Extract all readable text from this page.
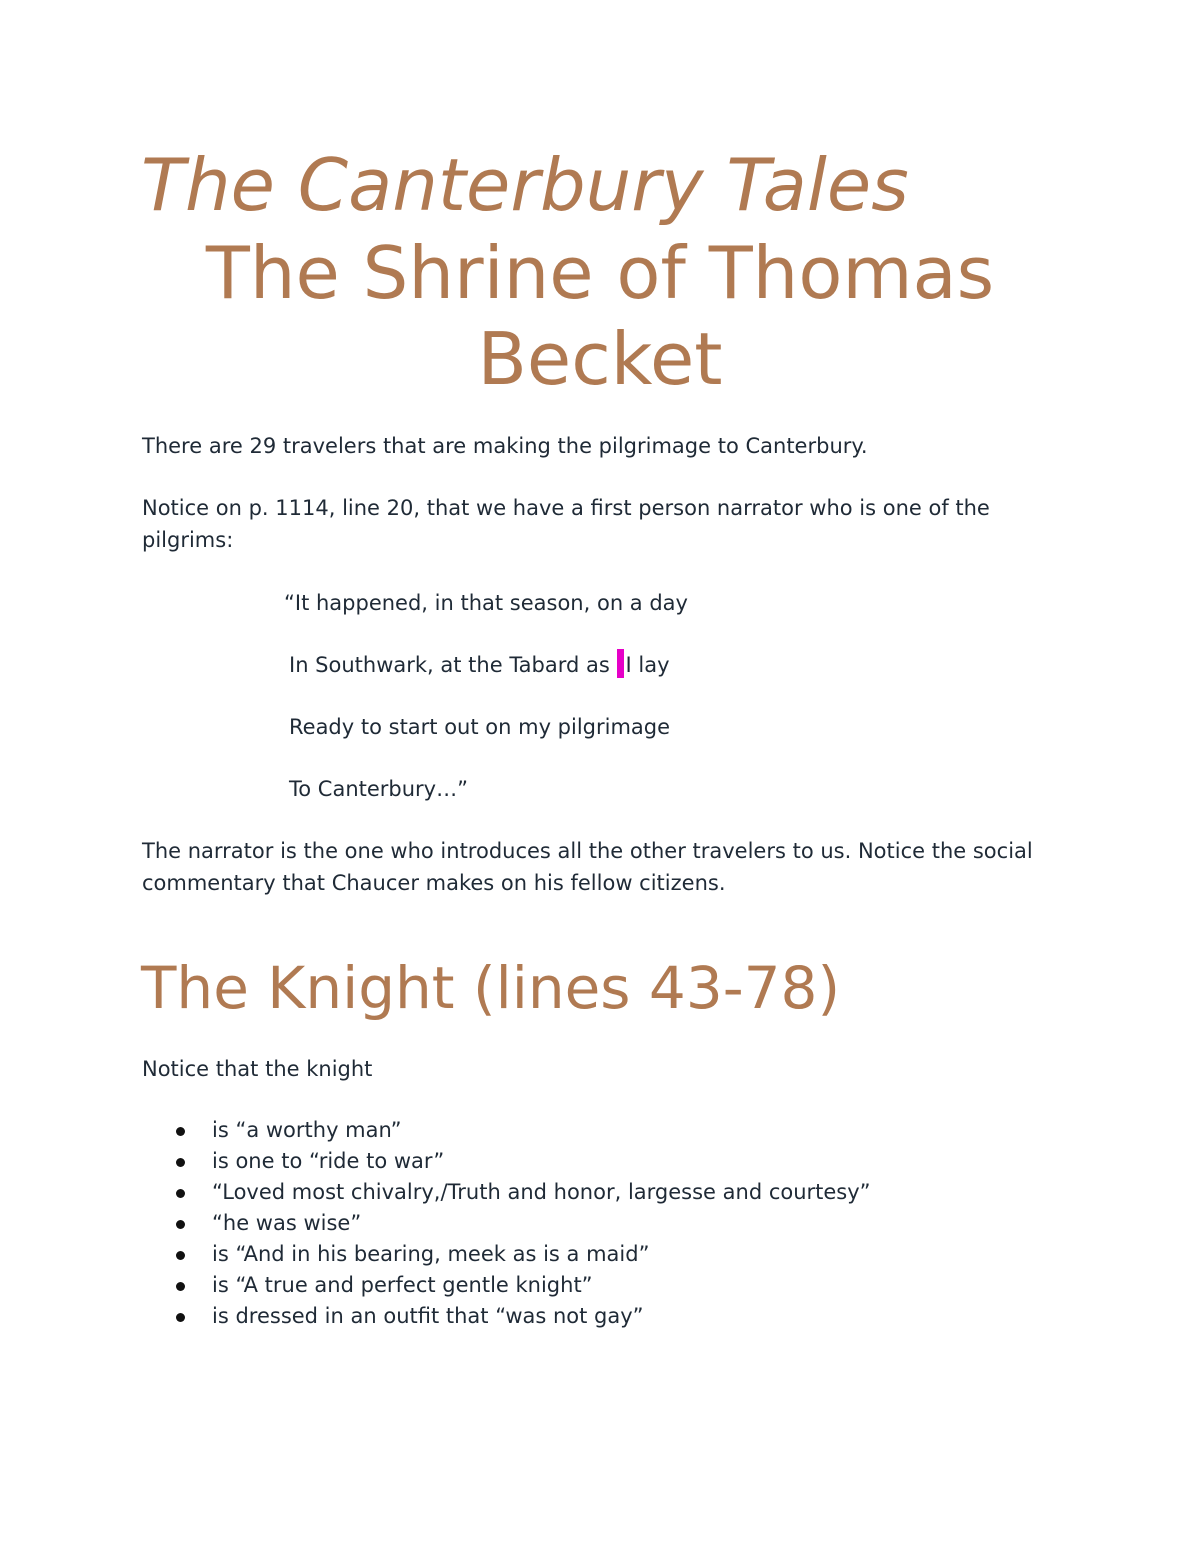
The Canterbury Tales
The Shrine of Thomas
Becket
There are 29 travelers that are making the pilgrimage to Canterbury.
Notice on p. 1114, line 20, that we have a first person narrator who is one of the pilgrims:
“It happened, in that season, on a day
In Southwark, at the Tabard as I lay
Ready to start out on my pilgrimage
To Canterbury…”
The narrator is the one who introduces all the other travelers to us. Notice the social commentary that Chaucer makes on his fellow citizens.
The Knight (lines 43-78)
Notice that the knight
is “a worthy man”
is one to “ride to war”
“Loved most chivalry,/Truth and honor, largesse and courtesy”
“he was wise”
is “And in his bearing, meek as is a maid”
is “A true and perfect gentle knight”
is dressed in an outfit that “was not gay”
